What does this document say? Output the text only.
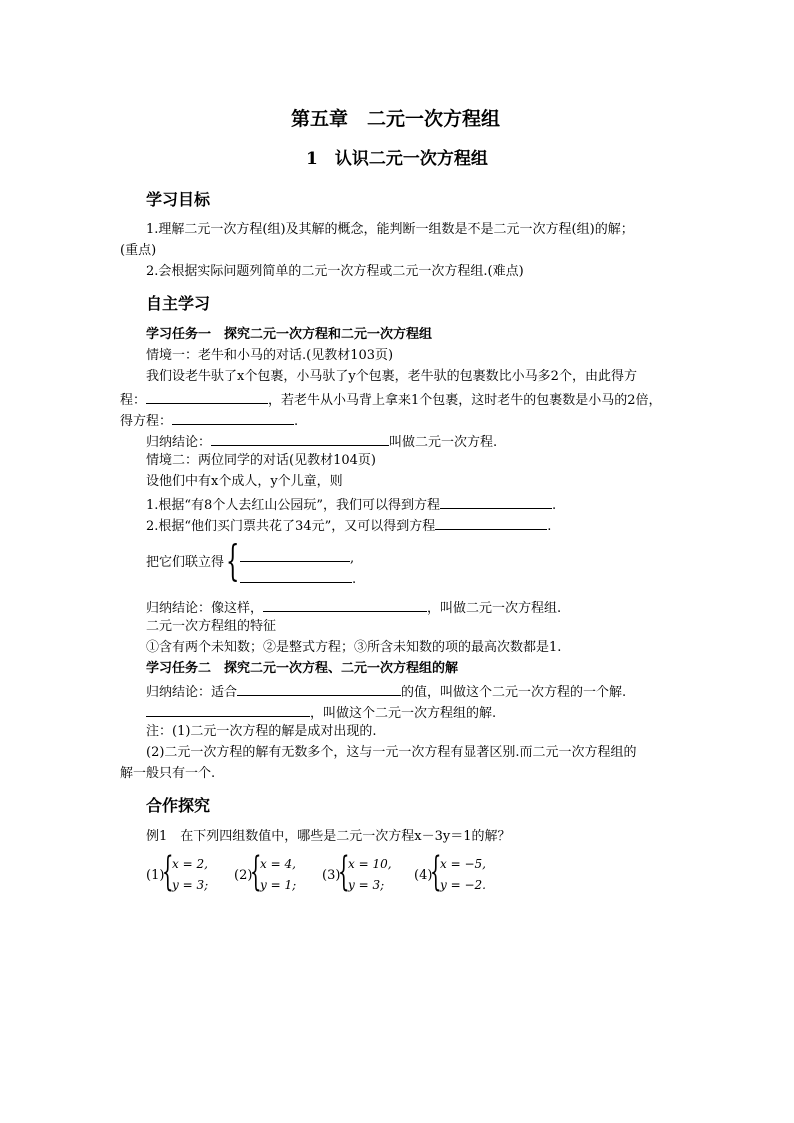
第五章　二元一次方程组
1　认识二元一次方程组
学习目标
1.理解二元一次方程(组)及其解的概念，能判断一组数是不是二元一次方程(组)的解；
(重点)
2.会根据实际问题列简单的二元一次方程或二元一次方程组.(难点)
自主学习
学习任务一　探究二元一次方程和二元一次方程组
情境一：老牛和小马的对话.(见教材103页)
我们设老牛驮了x个包裹，小马驮了y个包裹，老牛驮的包裹数比小马多2个，由此得方
程：	，若老牛从小马背上拿来1个包裹，这时老牛的包裹数是小马的2倍，
得方程：	.
归纳结论：	叫做二元一次方程.
情境二：两位同学的对话(见教材104页)
设他们中有x个成人，y个儿童，则
1.根据“有8个人去红山公园玩”，我们可以得到方程	.
2.根据“他们买门票共花了34元”，又可以得到方程	.
把它们联立得 {	,
.
归纳结论：像这样，	，叫做二元一次方程组.
二元一次方程组的特征
①含有两个未知数；②是整式方程；③所含未知数的项的最高次数都是1.
学习任务二　探究二元一次方程、二元一次方程组的解
归纳结论：适合	的值，叫做这个二元一次方程的一个解.
，叫做这个二元一次方程组的解.
注：(1)二元一次方程的解是成对出现的.
(2)二元一次方程的解有无数多个，这与一元一次方程有显著区别.而二元一次方程组的
解一般只有一个.
合作探究
例1　在下列四组数值中，哪些是二元一次方程x－3y＝1的解？
(1)
{
x = 2,
y = 3;
(2)
{
x = 4,
y = 1;
(3)
{
x = 10,
y = 3;
(4)
{
x = −5,
y = −2.
